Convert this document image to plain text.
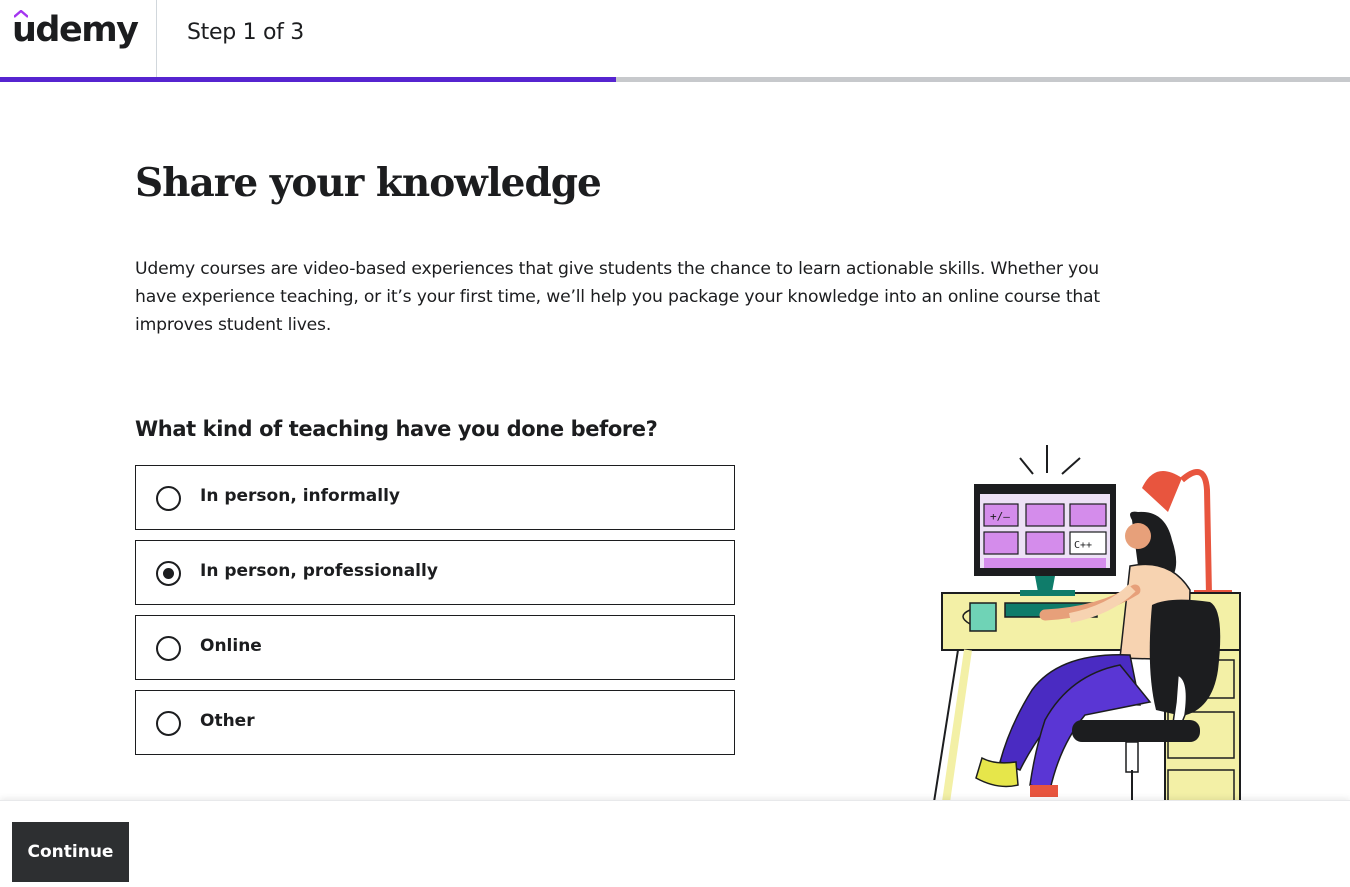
udemy Step 1 of 3
Share your knowledge

Udemy courses are video-based experiences that give students the chance to learn actionable skills. Whether you have experience teaching, or it’s your first time, we’ll help you package your knowledge into an online course that improves student lives.

What kind of teaching have you done before?
In person, informally
In person, professionally
Online
Other
+/–
C++
Continue
